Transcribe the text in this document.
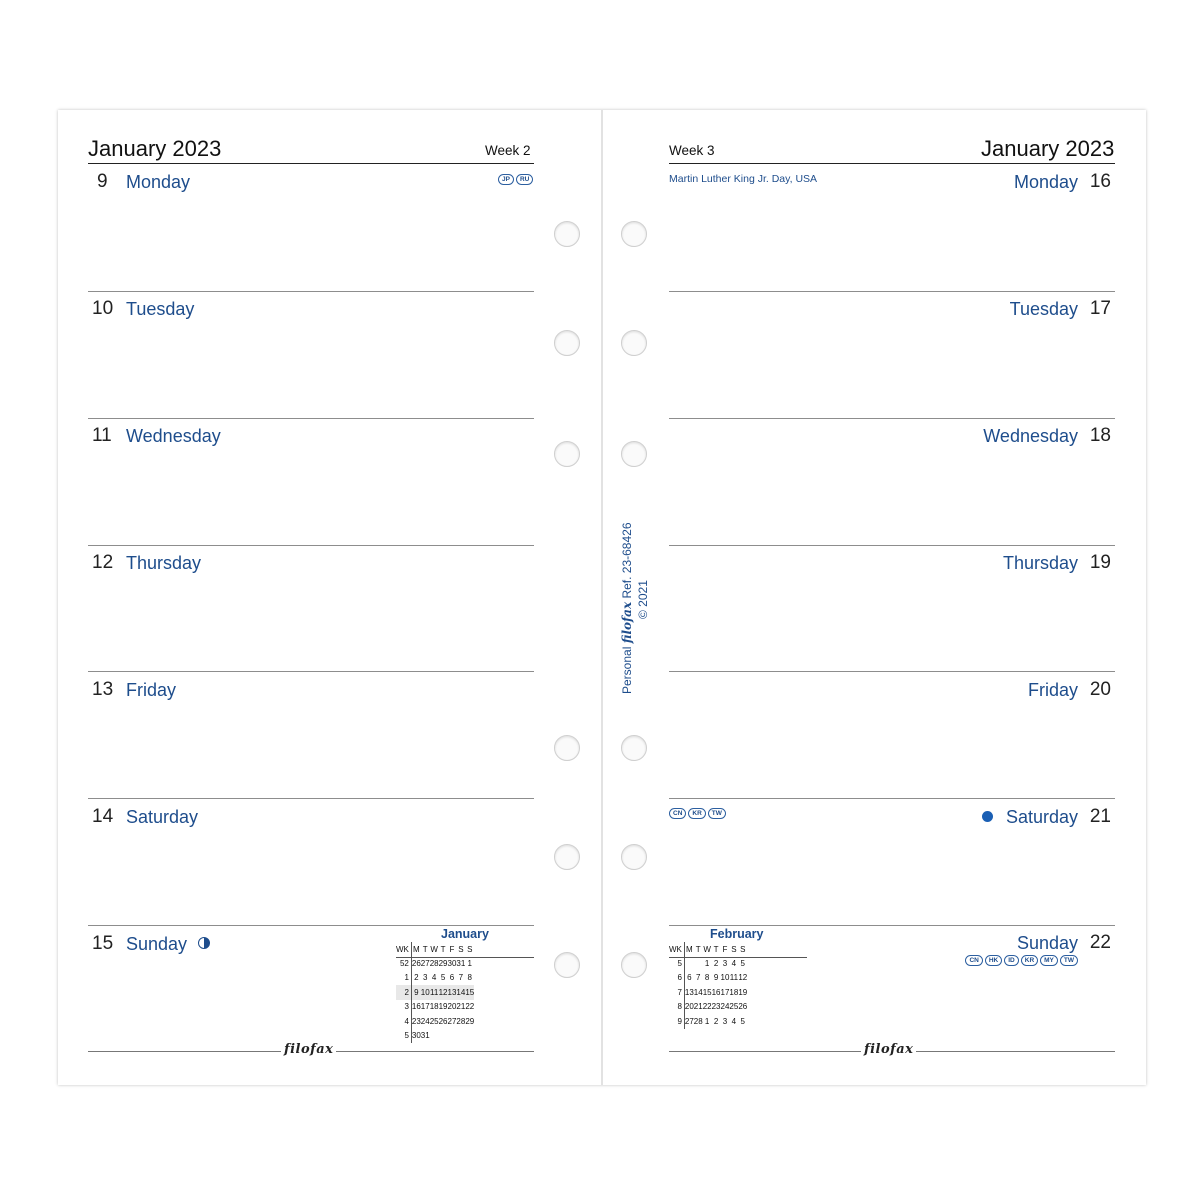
January 2023	Week 2
9 Monday	JP	RU
10 Tuesday
11 Wednesday
12 Thursday
13 Friday
14 Saturday
15 Sunday	January
WK	M	T	W	T	F	S	S
52	26	27	28	29	30	31	1
1	2	3	4	5	6	7	8
2	9	10	11	12	13	14	15
3	16	17	18	19	20	21	22
4	23	24	25	26	27	28	29
5	30	31					
filofax
Week 3	January 2023
Martin Luther King Jr. Day, USA	Monday 16
Tuesday 17
Wednesday 18
Thursday 19
Friday 20
CN	KR	TW	Saturday 21
Sunday 22
CN	HK	ID	KR	MY	TW
February
WK	M	T	W	T	F	S	S
5			1	2	3	4	5
6	6	7	8	9	10	11	12
7	13	14	15	16	17	18	19
8	20	21	22	23	24	25	26
9	27	28	1	2	3	4	5
filofax
Personal filofax Ref. 23-68426
© 2021
